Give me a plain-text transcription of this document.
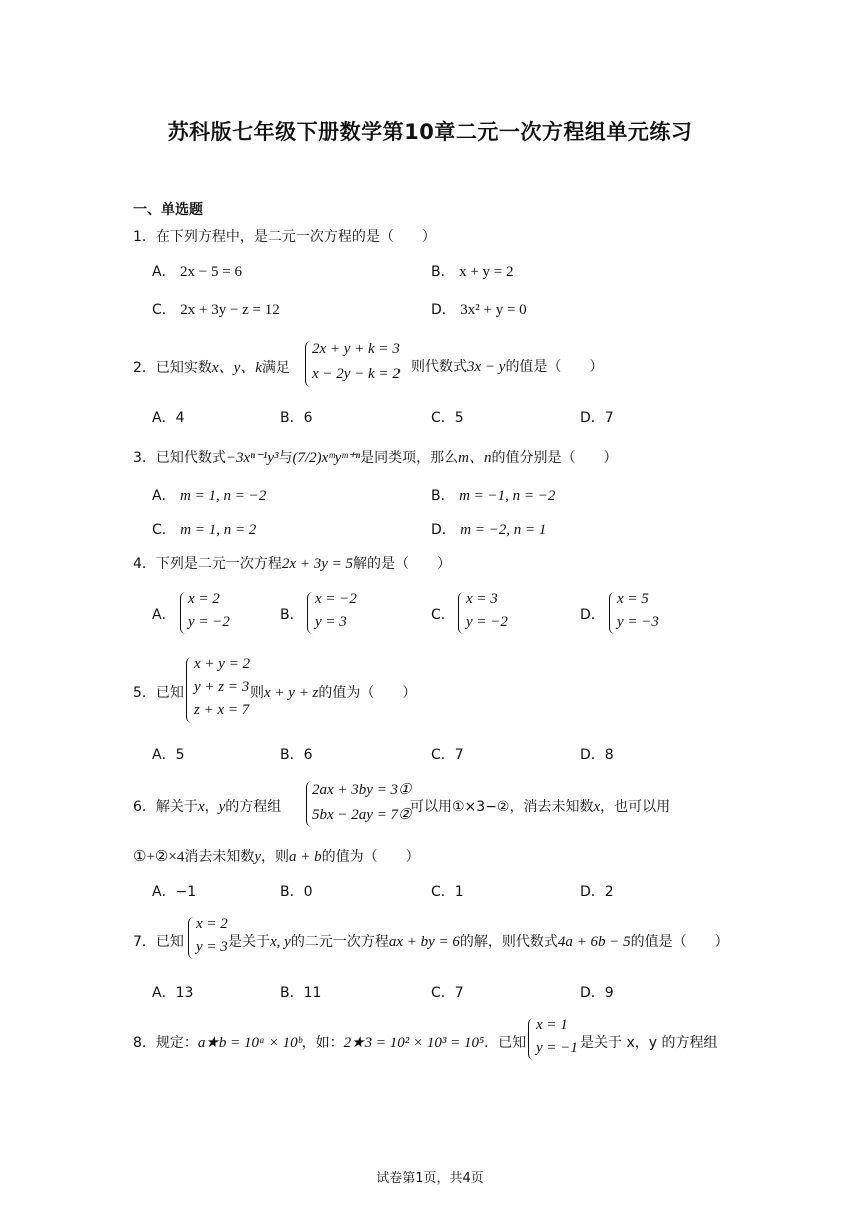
苏科版七年级下册数学第10章二元一次方程组单元练习
一、单选题
1．在下列方程中，是二元一次方程的是（　　）
A． 2x − 5 = 6	B． x + y = 2
C． 2x + 3y − z = 12	D． 3x² + y = 0
2．已知实数x、y、k满足
2x + y + k = 3
x − 2y − k = 2
，则代数式3x − y的值是（　　）
A．4	B．6	C．5	D．7
3．已知代数式−3xⁿ⁻¹y³与(7/2)xᵐyᵐ⁺ⁿ是同类项，那么m、n的值分别是（　　）
A． m = 1, n = −2	B． m = −1, n = −2
C． m = 1, n = 2	D． m = −2, n = 1
4．下列是二元一次方程2x + 3y = 5解的是（　　）
A．
x = 2
y = −2	B．
x = −2
y = 3	C．
x = 3
y = −2	D．
x = 5
y = −3
5．已知
x + y = 2
y + z = 3
z + x = 7
则x + y + z的值为（　　）
A．5	B．6	C．7	D．8
6．解关于x，y的方程组
2ax + 3by = 3①
5bx − 2ay = 7②
可以用①×3−②，消去未知数x，也可以用
①+②×4消去未知数y，则a + b的值为（　　）
A．−1	B．0	C．1	D．2
7．已知
x = 2
y = 3 是关于x, y的二元一次方程ax + by = 6的解，则代数式4a + 6b − 5的值是（　　）
A．13	B．11	C．7	D．9
8．规定：a★b = 10ᵃ × 10ᵇ，如：2★3 = 10² × 10³ = 10⁵．已知
x = 1
y = −1 是关于 x，y 的方程组
试卷第1页，共4页
